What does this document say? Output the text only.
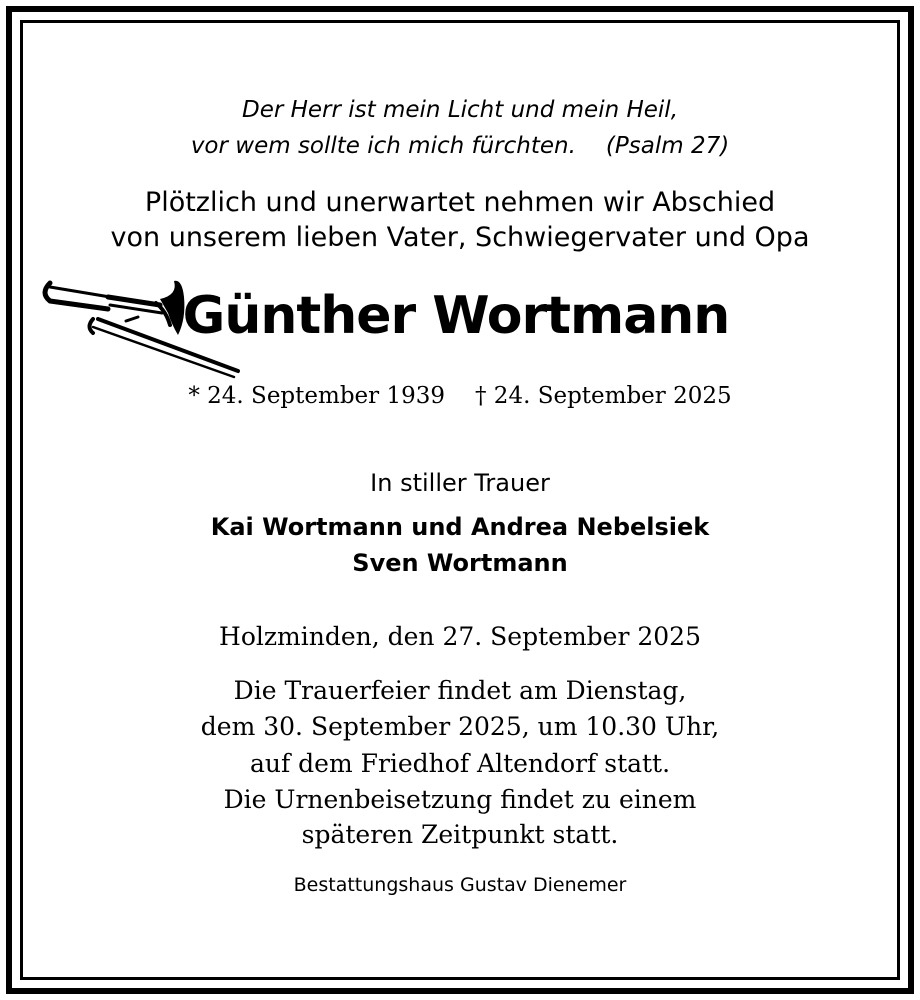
Der Herr ist mein Licht und mein Heil,
vor wem sollte ich mich fürchten. (Psalm 27)
Plötzlich und unerwartet nehmen wir Abschied
von unserem lieben Vater, Schwiegervater und Opa
Günther Wortmann
* 24. September 1939 † 24. September 2025
In stiller Trauer
Kai Wortmann und Andrea Nebelsiek
Sven Wortmann
Holzminden, den 27. September 2025
Die Trauerfeier findet am Dienstag,
dem 30. September 2025, um 10.30 Uhr,
auf dem Friedhof Altendorf statt.
Die Urnenbeisetzung findet zu einem
späteren Zeitpunkt statt.
Bestattungshaus Gustav Dienemer
